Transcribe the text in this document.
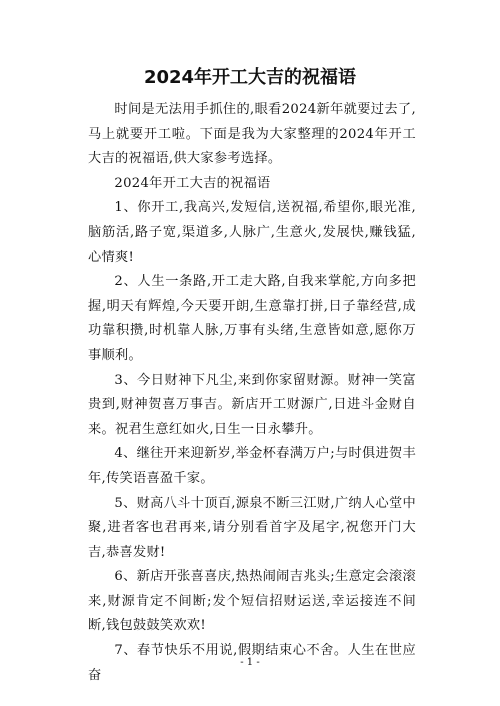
2024年开工大吉的祝福语

时间是无法用手抓住的,眼看2024新年就要过去了,马上就要开工啦。下面是我为大家整理的2024年开工大吉的祝福语,供大家参考选择。

2024年开工大吉的祝福语

1、你开工,我高兴,发短信,送祝福,希望你,眼光准,脑筋活,路子宽,渠道多,人脉广,生意火,发展快,赚钱猛,心情爽!

2、人生一条路,开工走大路,自我来掌舵,方向多把握,明天有辉煌,今天要开朗,生意靠打拼,日子靠经营,成功靠积攒,时机靠人脉,万事有头绪,生意皆如意,愿你万事顺利。

3、今日财神下凡尘,来到你家留财源。财神一笑富贵到,财神贺喜万事吉。新店开工财源广,日进斗金财自来。祝君生意红如火,日生一日永攀升。

4、继往开来迎新岁,举金杯春满万户;与时俱进贺丰年,传笑语喜盈千家。

5、财高八斗十顶百,源泉不断三江财,广纳人心堂中聚,进者客也君再来,请分别看首字及尾字,祝您开门大吉,恭喜发财!

6、新店开张喜喜庆,热热闹闹吉兆头;生意定会滚滚来,财源肯定不间断;发个短信招财运送,幸运接连不间断,钱包鼓鼓笑欢欢!

7、春节快乐不用说,假期结束心不舍。人生在世应奋

- 1 -
